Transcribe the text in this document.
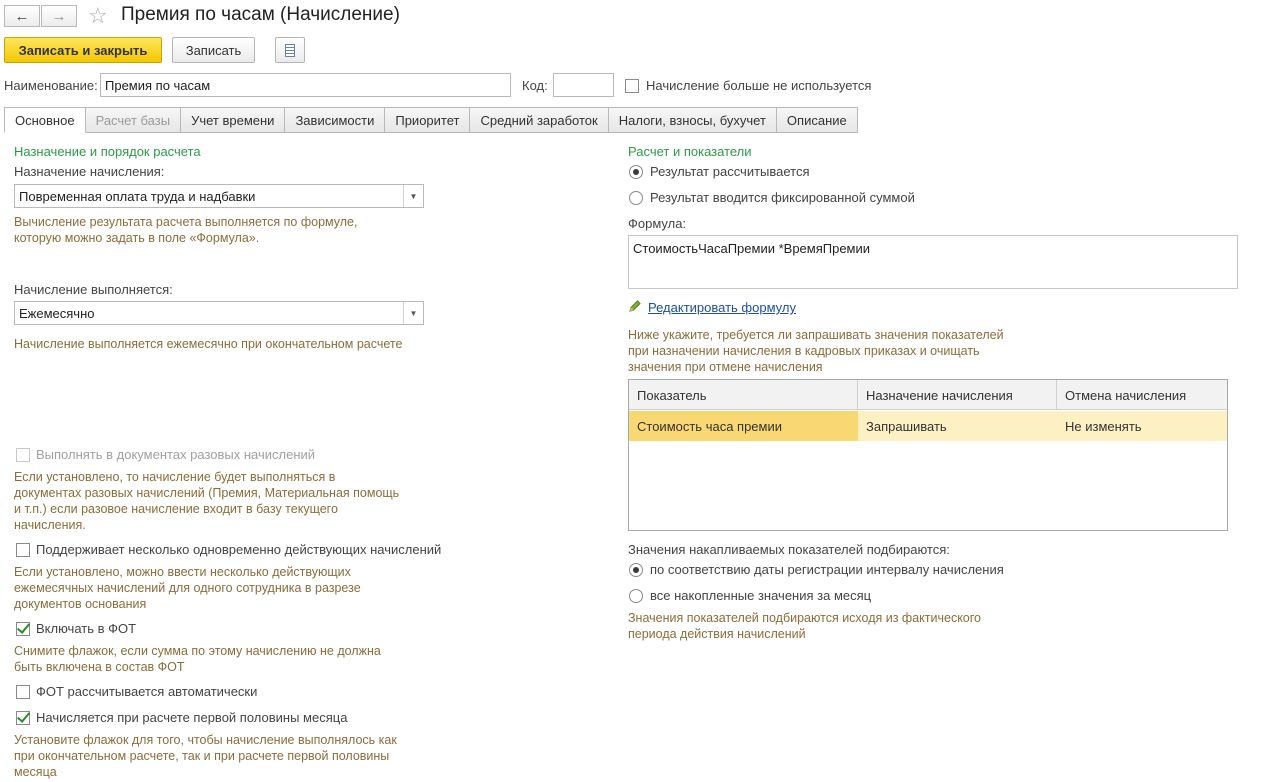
← → ☆ Премия по часам (Начисление)
Записать и закрыть	Записать
Наименование: Премия по часам	Код:	Начисление больше не используется
Основное	Расчет базы	Учет времени	Зависимости	Приоритет	Средний заработок	Налоги, взносы, бухучет	Описание
Назначение и порядок расчета
Назначение начисления:
Повременная оплата труда и надбавки	▼
Вычисление результата расчета выполняется по формуле,
которую можно задать в поле «Формула».
Начисление выполняется:
Ежемесячно	▼
Начисление выполняется ежемесячно при окончательном расчете
Выполнять в документах разовых начислений
Если установлено, то начисление будет выполняться в
документах разовых начислений (Премия, Материальная помощь
и т.п.) если разовое начисление входит в базу текущего
начисления.
Поддерживает несколько одновременно действующих начислений
Если установлено, можно ввести несколько действующих
ежемесячных начислений для одного сотрудника в разрезе
документов основания
Включать в ФОТ
Снимите флажок, если сумма по этому начислению не должна
быть включена в состав ФОТ
ФОТ рассчитывается автоматически
Начисляется при расчете первой половины месяца
Установите флажок для того, чтобы начисление выполнялось как
при окончательном расчете, так и при расчете первой половины
месяца
Расчет и показатели
Результат рассчитывается
Результат вводится фиксированной суммой
Формула:
СтоимостьЧасаПремии *ВремяПремии
Редактировать формулу
Ниже укажите, требуется ли запрашивать значения показателей
при назначении начисления в кадровых приказах и очищать
значения при отмене начисления
Показатель	Назначение начисления	Отмена начисления
Стоимость часа премии	Запрашивать	Не изменять
Значения накапливаемых показателей подбираются:
по соответствию даты регистрации интервалу начисления
все накопленные значения за месяц
Значения показателей подбираются исходя из фактического
периода действия начислений
